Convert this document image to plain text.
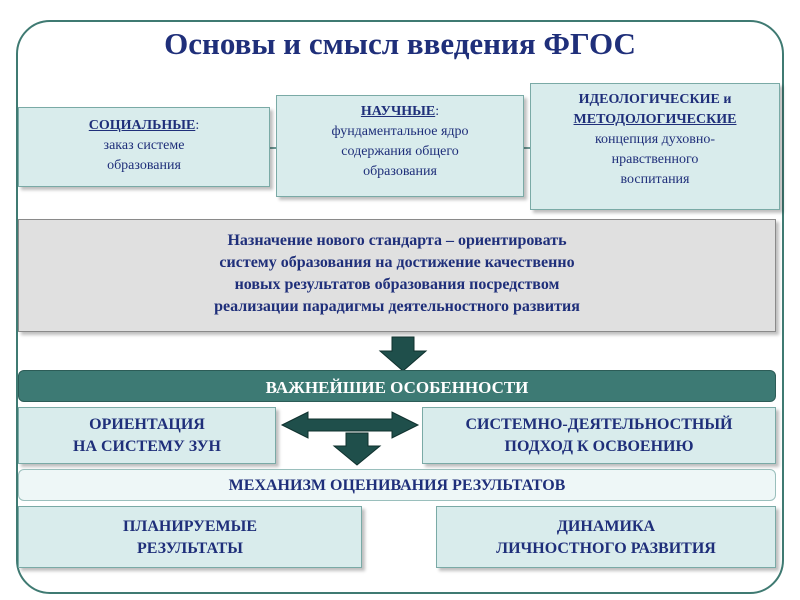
Основы и смысл введения ФГОС
СОЦИАЛЬНЫЕ:
заказ системе
образования
НАУЧНЫЕ:
фундаментальное ядро
содержания общего
образования
ИДЕОЛОГИЧЕСКИЕ и
МЕТОДОЛОГИЧЕСКИЕ
концепция духовно-
нравственного
воспитания
Назначение нового стандарта – ориентировать
систему образования на достижение качественно
новых результатов образования посредством
реализации парадигмы деятельностного развития
ВАЖНЕЙШИЕ ОСОБЕННОСТИ
ОРИЕНТАЦИЯ
НА СИСТЕМУ ЗУН
СИСТЕМНО-ДЕЯТЕЛЬНОСТНЫЙ
ПОДХОД К ОСВОЕНИЮ
МЕХАНИЗМ ОЦЕНИВАНИЯ РЕЗУЛЬТАТОВ
ПЛАНИРУЕМЫЕ
РЕЗУЛЬТАТЫ
ДИНАМИКА
ЛИЧНОСТНОГО РАЗВИТИЯ
